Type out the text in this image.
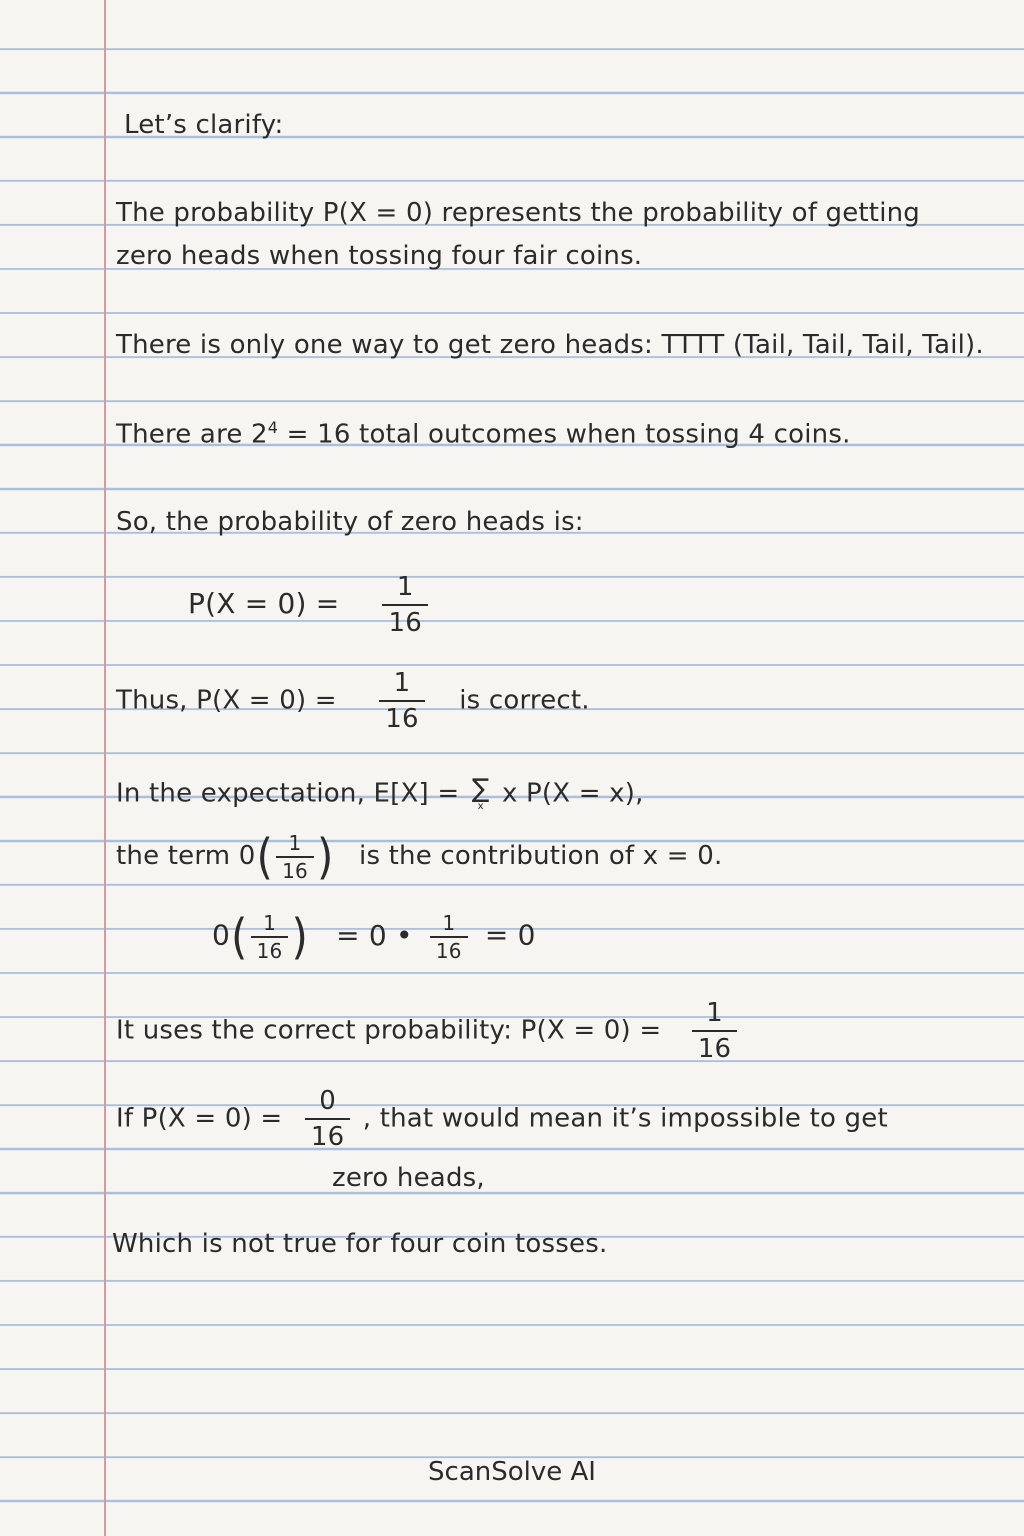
Let’s clarify:
The probability P(X = 0) represents the probability of getting
zero heads when tossing four fair coins.
There is only one way to get zero heads: TTTT (Tail, Tail, Tail, Tail).
There are $2^4 = 16$ total outcomes when tossing 4 coins.
So, the probability of zero heads is:
$P(X = 0) = \frac{1}{16}$
Thus, $P(X = 0) = \frac{1}{16}$ is correct.
In the expectation, E[X] = ∑
x x P(X = x),
the term $0( \frac{1}{16}$ ) is the contribution of x = 0.
$0( \frac{1}{16}$ ) = 0 • $\frac{1}{16} = 0$
It uses the correct probability: $P(X = 0) = \frac{1}{16}$
If $P(X = 0) = \frac{0}{16}$ , that would mean it’s impossible to get
zero heads,
Which is not true for four coin tosses.
ScanSolve AI
